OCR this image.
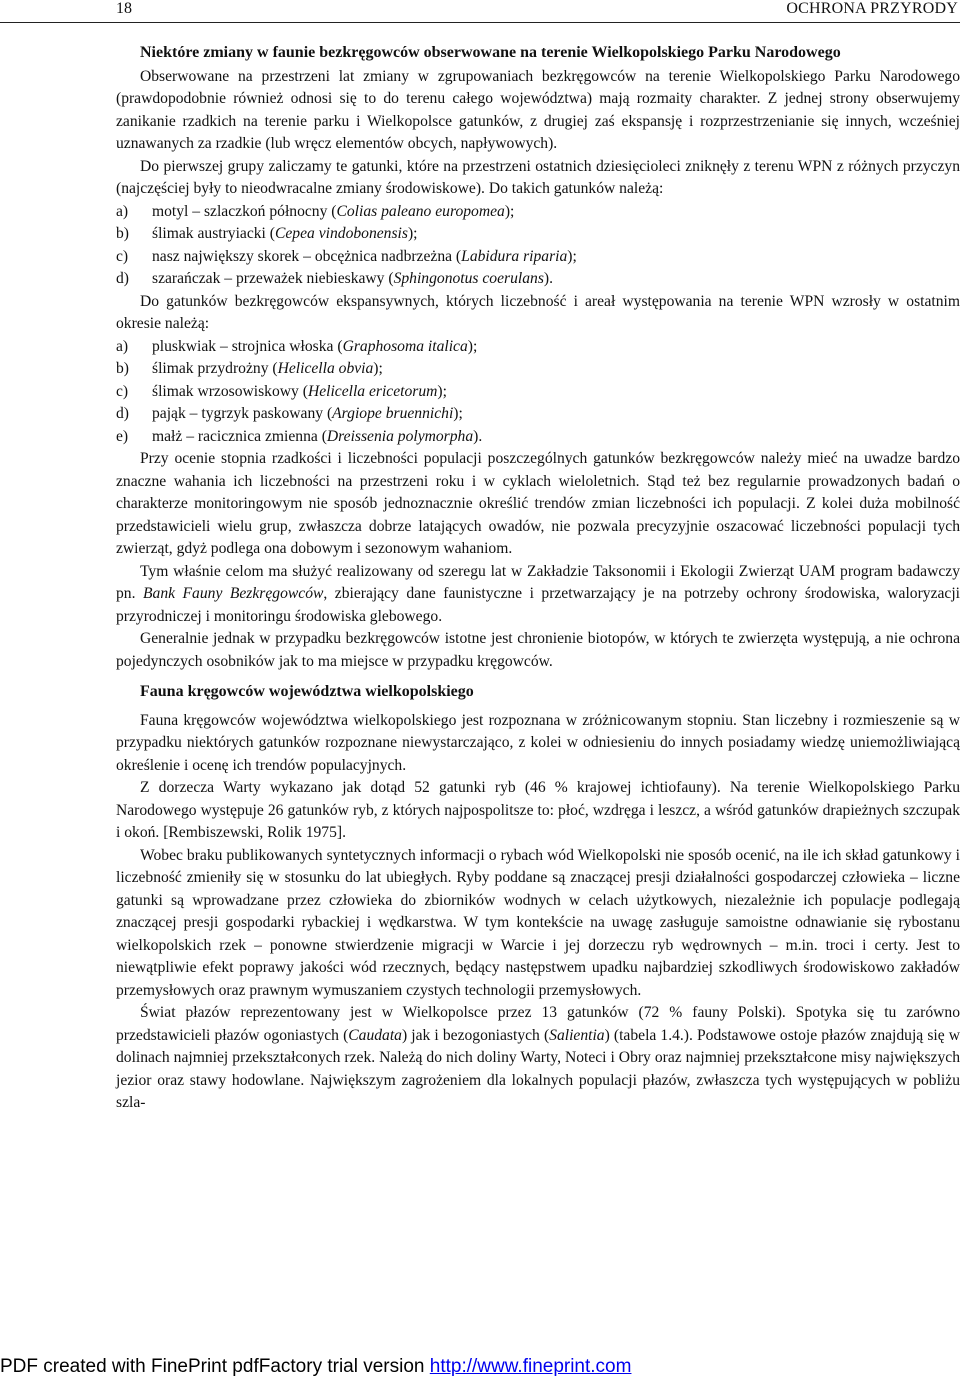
18	OCHRONA PRZYRODY
Niektóre zmiany w faunie bezkręgowców obserwowane na terenie Wielkopolskiego Parku Narodowego

Obserwowane na przestrzeni lat zmiany w zgrupowaniach bezkręgowców na terenie Wielkopolskiego Parku Narodowego (prawdopodobnie również odnosi się to do terenu całego województwa) mają rozmaity charakter. Z jednej strony obserwujemy zanikanie rzadkich na terenie parku i Wielkopolsce gatunków, z drugiej zaś ekspansję i rozprzestrzenianie się innych, wcześniej uznawanych za rzadkie (lub wręcz elementów obcych, napływowych).

Do pierwszej grupy zaliczamy te gatunki, które na przestrzeni ostatnich dziesięcioleci zniknęły z terenu WPN z różnych przyczyn (najczęściej były to nieodwracalne zmiany środowiskowe). Do takich gatunków należą:

a)	motyl – szlaczkoń północny (Colias paleano europomea);
b)	ślimak austryiacki (Cepea vindobonensis);
c)	nasz największy skorek – obcężnica nadbrzeżna (Labidura riparia);
d)	szarańczak – przeważek niebieskawy (Sphingonotus coerulans).

Do gatunków bezkręgowców ekspansywnych, których liczebność i areał występowania na terenie WPN wzrosły w ostatnim okresie należą:

a)	pluskwiak – strojnica włoska (Graphosoma italica);
b)	ślimak przydrożny (Helicella obvia);
c)	ślimak wrzosowiskowy (Helicella ericetorum);
d)	pająk – tygrzyk paskowany (Argiope bruennichi);
e)	małż – racicznica zmienna (Dreissenia polymorpha).

Przy ocenie stopnia rzadkości i liczebności populacji poszczególnych gatunków bezkręgowców należy mieć na uwadze bardzo znaczne wahania ich liczebności na przestrzeni roku i w cyklach wieloletnich. Stąd też bez regularnie prowadzonych badań o charakterze monitoringowym nie sposób jednoznacznie określić trendów zmian liczebności ich populacji. Z kolei duża mobilność przedstawicieli wielu grup, zwłaszcza dobrze latających owadów, nie pozwala precyzyjnie oszacować liczebności populacji tych zwierząt, gdyż podlega ona dobowym i sezonowym wahaniom.

Tym właśnie celom ma służyć realizowany od szeregu lat w Zakładzie Taksonomii i Ekologii Zwierząt UAM program badawczy pn. Bank Fauny Bezkręgowców, zbierający dane faunistyczne i przetwarzający je na potrzeby ochrony środowiska, waloryzacji przyrodniczej i monitoringu środowiska glebowego.

Generalnie jednak w przypadku bezkręgowców istotne jest chronienie biotopów, w których te zwierzęta występują, a nie ochrona pojedynczych osobników jak to ma miejsce w przypadku kręgowców.

Fauna kręgowców województwa wielkopolskiego

Fauna kręgowców województwa wielkopolskiego jest rozpoznana w zróżnicowanym stopniu. Stan liczebny i rozmieszenie są w przypadku niektórych gatunków rozpoznane niewystarczająco, z kolei w odniesieniu do innych posiadamy wiedzę uniemożliwiającą określenie i ocenę ich trendów populacyjnych.

Z dorzecza Warty wykazano jak dotąd 52 gatunki ryb (46 % krajowej ichtiofauny). Na terenie Wielkopolskiego Parku Narodowego występuje 26 gatunków ryb, z których najpospolitsze to: płoć, wzdręga i leszcz, a wśród gatunków drapieżnych szczupak i okoń. [Rembiszewski, Rolik 1975].

Wobec braku publikowanych syntetycznych informacji o rybach wód Wielkopolski nie sposób ocenić, na ile ich skład gatunkowy i liczebność zmieniły się w stosunku do lat ubiegłych. Ryby poddane są znaczącej presji działalności gospodarczej człowieka – liczne gatunki są wprowadzane przez człowieka do zbiorników wodnych w celach użytkowych, niezależnie ich populacje podlegają znaczącej presji gospodarki rybackiej i wędkarstwa. W tym kontekście na uwagę zasługuje samoistne odnawianie się rybostanu wielkopolskich rzek – ponowne stwierdzenie migracji w Warcie i jej dorzeczu ryb wędrownych – m.in. troci i certy. Jest to niewątpliwie efekt poprawy jakości wód rzecznych, będący następstwem upadku najbardziej szkodliwych środowiskowo zakładów przemysłowych oraz prawnym wymuszaniem czystych technologii przemysłowych.

Świat płazów reprezentowany jest w Wielkopolsce przez 13 gatunków (72 % fauny Polski). Spotyka się tu zarówno przedstawicieli płazów ogoniastych (Caudata) jak i bezogoniastych (Salientia) (tabela 1.4.). Podstawowe ostoje płazów znajdują się w dolinach najmniej przekształconych rzek. Należą do nich doliny Warty, Noteci i Obry oraz najmniej przekształcone misy największych jezior oraz stawy hodowlane. Największym zagrożeniem dla lokalnych populacji płazów, zwłaszcza tych występujących w pobliżu szla-

PDF created with FinePrint pdfFactory trial version http://www.fineprint.com
